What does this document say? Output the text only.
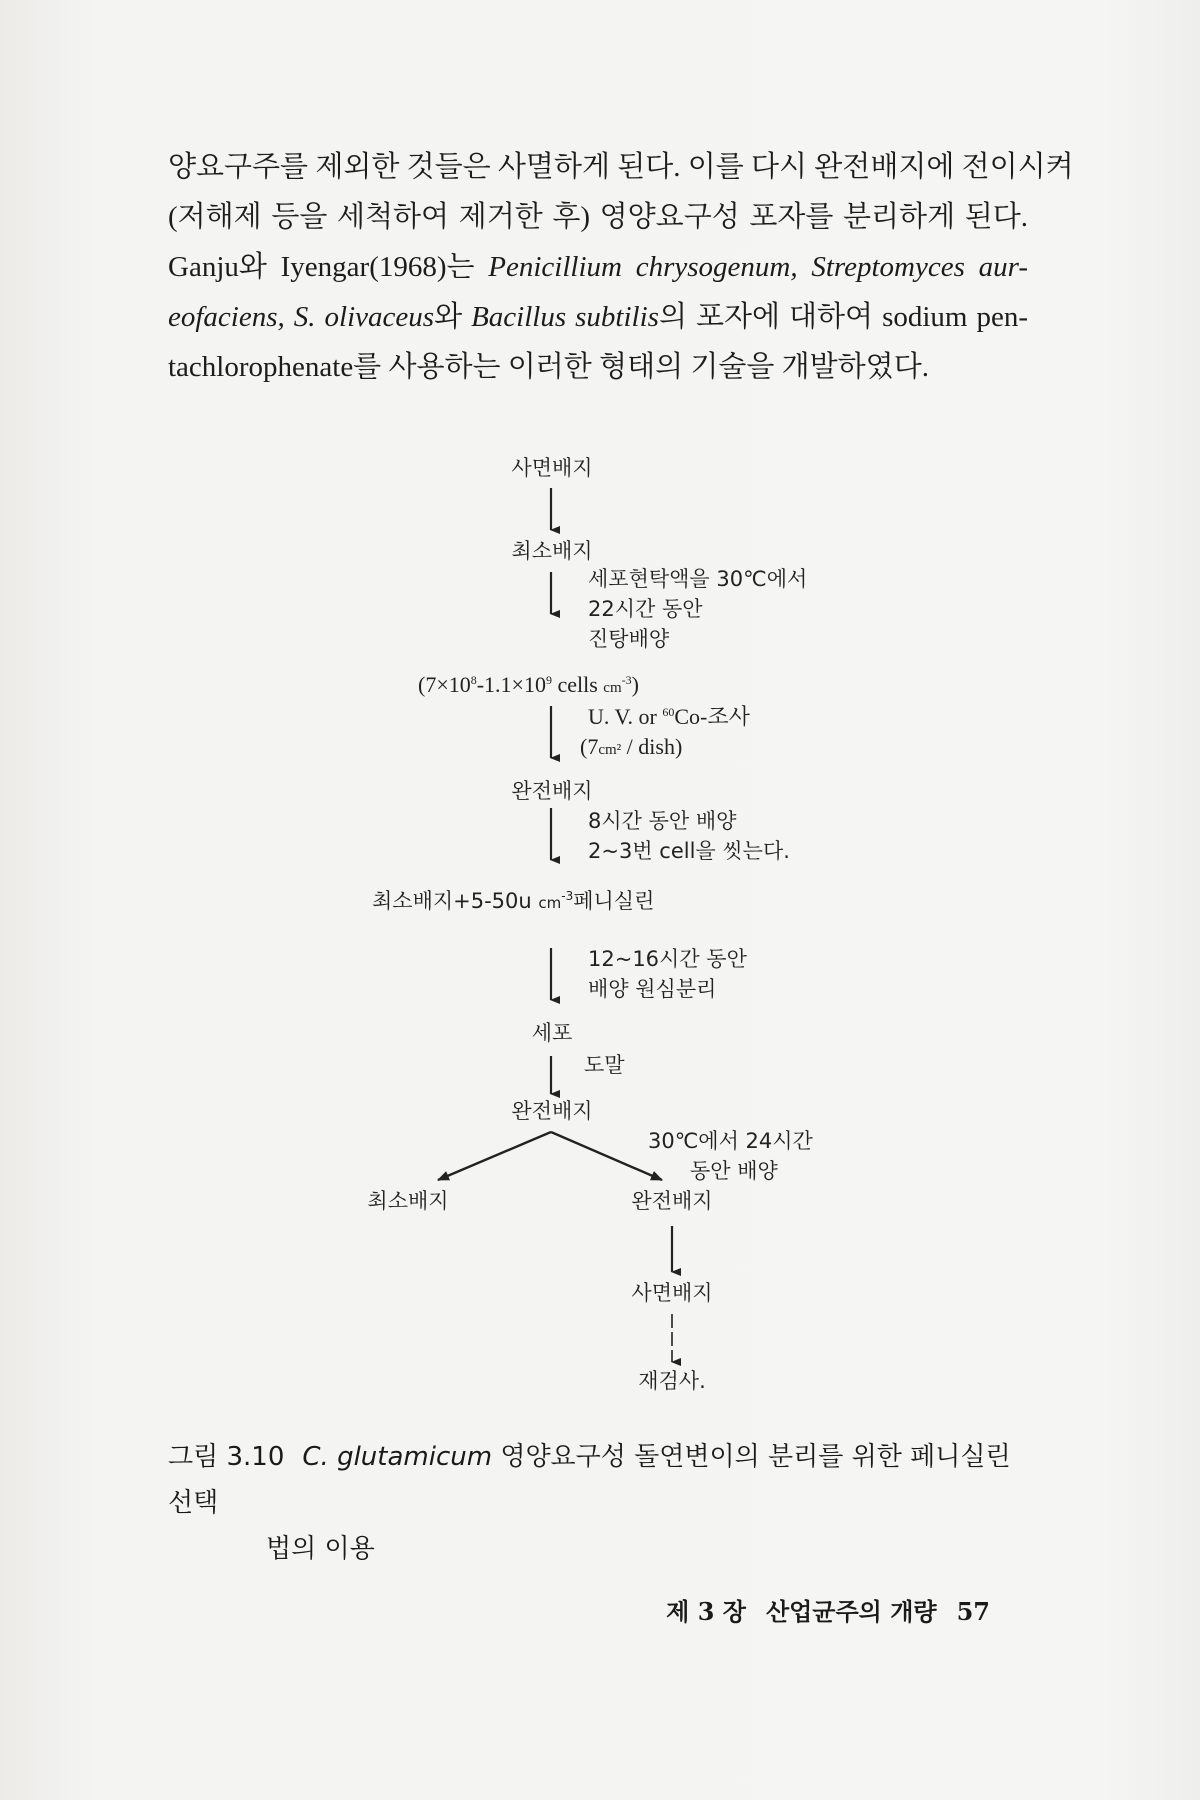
양요구주를 제외한 것들은 사멸하게 된다. 이를 다시 완전배지에 전이시켜
(저해제 등을 세척하여 제거한 후) 영양요구성 포자를 분리하게 된다.
Ganju와 Iyengar(1968)는 Penicillium chrysogenum, Streptomyces aur-
eofaciens, S. olivaceus와 Bacillus subtilis의 포자에 대하여 sodium pen-
tachlorophenate를 사용하는 이러한 형태의 기술을 개발하였다.
사면배지
최소배지
세포현탁액을 30℃에서
22시간 동안
진탕배양
($7\times 10^8-1.1\times 10^9$ cells $cm^{-3}$)
U. V. or $^{60}$Co-조사
(7cm² / dish)
완전배지
8시간 동안 배양
2~3번 cell을 씻는다.
최소배지+5-50u $cm^{-3}$페니실린
12~16시간 동안
배양 원심분리
세포
도말
완전배지
30℃에서 24시간
동안 배양
최소배지	완전배지
사면배지
재검사.
그림 3.10 C. glutamicum 영양요구성 돌연변이의 분리를 위한 페니실린 선택
법의 이용
제 3 장 산업균주의 개량 57
